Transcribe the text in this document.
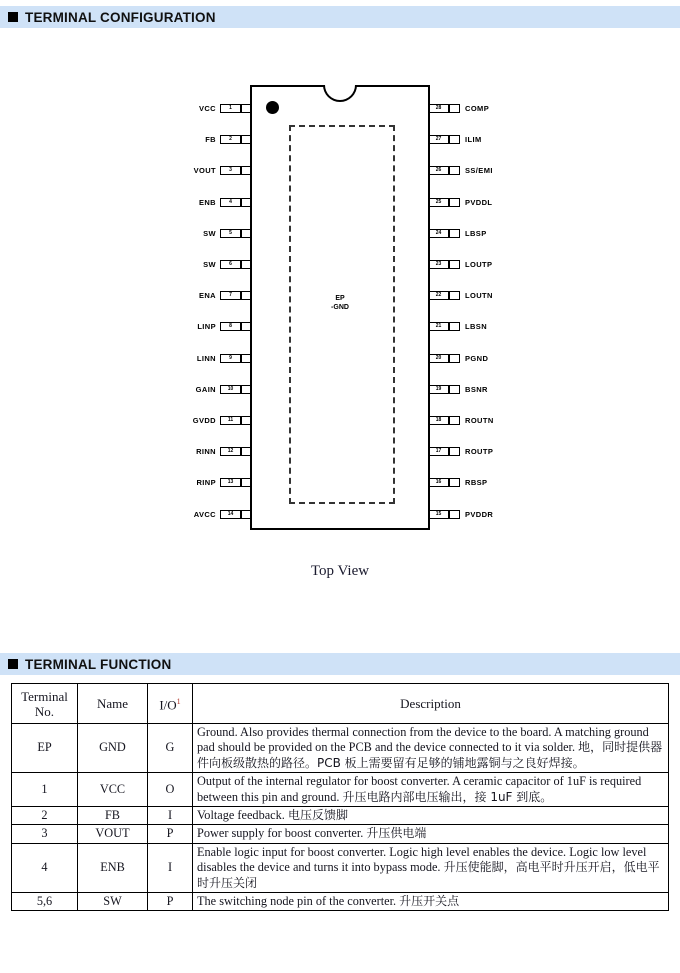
TERMINAL CONFIGURATION
VCC	1
FB	2
VOUT	3
ENB	4
SW	5
SW	6
ENA	7
LINP	8
LINN	9
GAIN 10
GVDD 11
RINN 12
RINP 13
AVCC 14
28	COMP
27	ILIM
26	SS/EMI
25	PVDDL
24	LBSP
23	LOUTP
22	LOUTN
21	LBSN
20	PGND
19	BSNR
18	ROUTN
17	ROUTP
16	RBSP
15	PVDDR
EP
-GND
Top View
TERMINAL FUNCTION
Terminal
No.	Name	$I/O^1$	Description
EP	GND	G	Ground. Also provides thermal connection from the device to the board. A matching ground pad should be provided on the PCB and the device connected to it via solder. 地，同时提供器件向板级散热的路径。PCB 板上需要留有足够的铺地露铜与之良好焊接。
1	VCC	O	Output of the internal regulator for boost converter. A ceramic capacitor of 1uF is required between this pin and ground. 升压电路内部电压输出，接 1uF 到底。
2	FB	I	Voltage feedback. 电压反馈脚
3	VOUT	P	Power supply for boost converter. 升压供电端
4	ENB	I	Enable logic input for boost converter. Logic high level enables the device. Logic low level disables the device and turns it into bypass mode. 升压使能脚，高电平时升压开启，低电平时升压关闭
5,6	SW	P	The switching node pin of the converter. 升压开关点
